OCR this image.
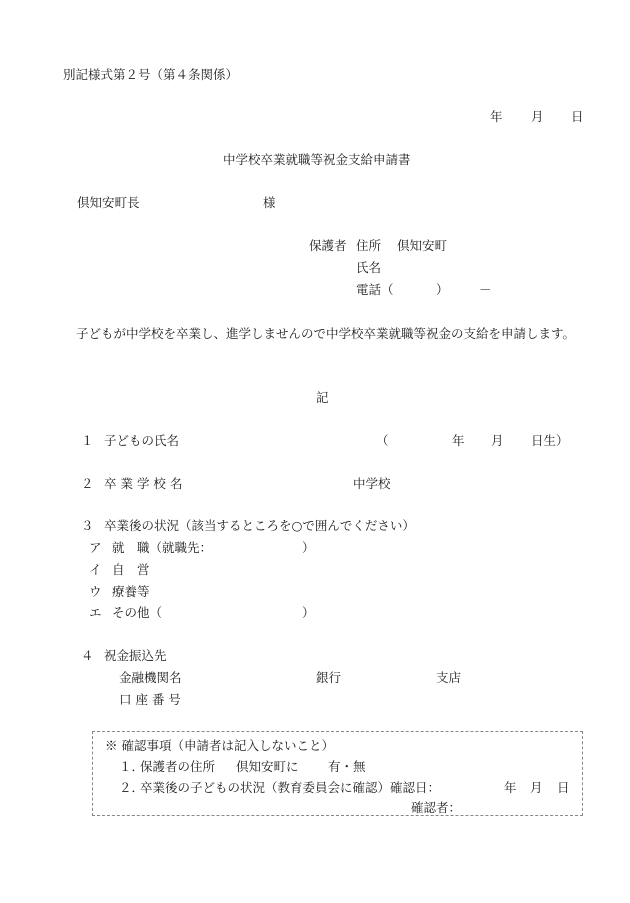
別記様式第２号（第４条関係）
年 月 日
中学校卒業就職等祝金支給申請書
倶知安町長	様
保護者 住所 倶知安町
氏名
電話（	） －
子どもが中学校を卒業し、進学しませんので中学校卒業就職等祝金の支給を申請します。
記
１ 子どもの氏名	（	年 月 日生）
２ 卒 業 学 校 名	中学校
３ 卒業後の状況（該当するところを○で囲んでください）
ア 就　職（就職先：	）
イ 自　営
ウ 療養等
エ その他（	）
４ 祝金振込先
金融機関名	銀行	支店
口 座 番 号
※ 確認事項（申請者は記入しないこと）
１．
保護者の住所 倶知安町に 有・無
２．
卒業後の子どもの状況（教育委員会に確認）確認日：	年 月 日
確認者：
